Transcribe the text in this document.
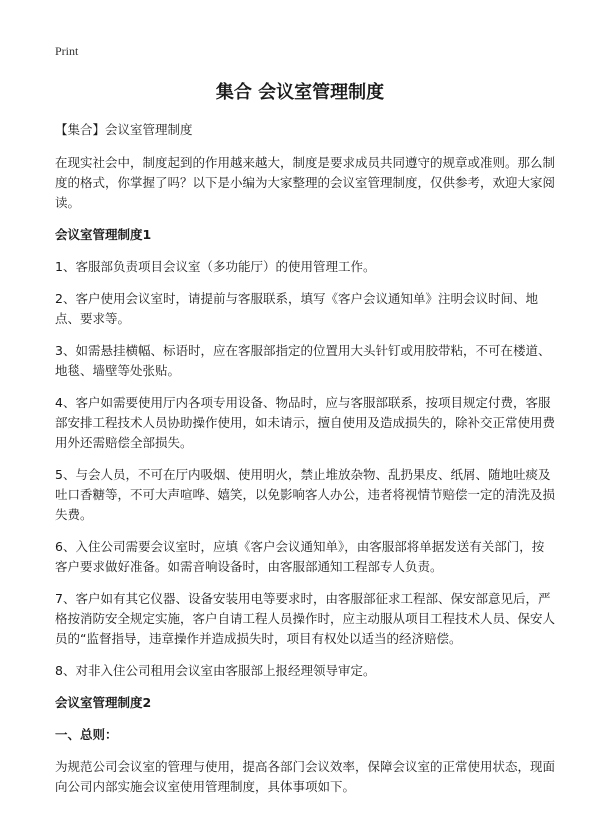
Print
集合 会议室管理制度

【集合】会议室管理制度

在现实社会中，制度起到的作用越来越大，制度是要求成员共同遵守的规章或准则。那么制度的格式，你掌握了吗？以下是小编为大家整理的会议室管理制度，仅供参考，欢迎大家阅读。

会议室管理制度1

1、客服部负责项目会议室（多功能厅）的使用管理工作。

2、客户使用会议室时，请提前与客服联系，填写《客户会议通知单》注明会议时间、地点、要求等。

3、如需悬挂横幅、标语时，应在客服部指定的位置用大头针钉或用胶带粘，不可在楼道、地毯、墙壁等处张贴。

4、客户如需要使用厅内各项专用设备、物品时，应与客服部联系，按项目规定付费，客服部安排工程技术人员协助操作使用，如未请示，擅自使用及造成损失的，除补交正常使用费用外还需赔偿全部损失。

5、与会人员，不可在厅内吸烟、使用明火，禁止堆放杂物、乱扔果皮、纸屑、随地吐痰及吐口香糖等，不可大声喧哗、嬉笑，以免影响客人办公，违者将视情节赔偿一定的清洗及损失费。

6、入住公司需要会议室时，应填《客户会议通知单》，由客服部将单据发送有关部门，按客户要求做好准备。如需音响设备时，由客服部通知工程部专人负责。

7、客户如有其它仪器、设备安装用电等要求时，由客服部征求工程部、保安部意见后，严格按消防安全规定实施，客户自请工程人员操作时，应主动服从项目工程技术人员、保安人员的“监督指导，违章操作并造成损失时，项目有权处以适当的经济赔偿。

8、对非入住公司租用会议室由客服部上报经理领导审定。

会议室管理制度2
一、总则：

为规范公司会议室的管理与使用，提高各部门会议效率，保障会议室的正常使用状态，现面向公司内部实施会议室使用管理制度，具体事项如下。
